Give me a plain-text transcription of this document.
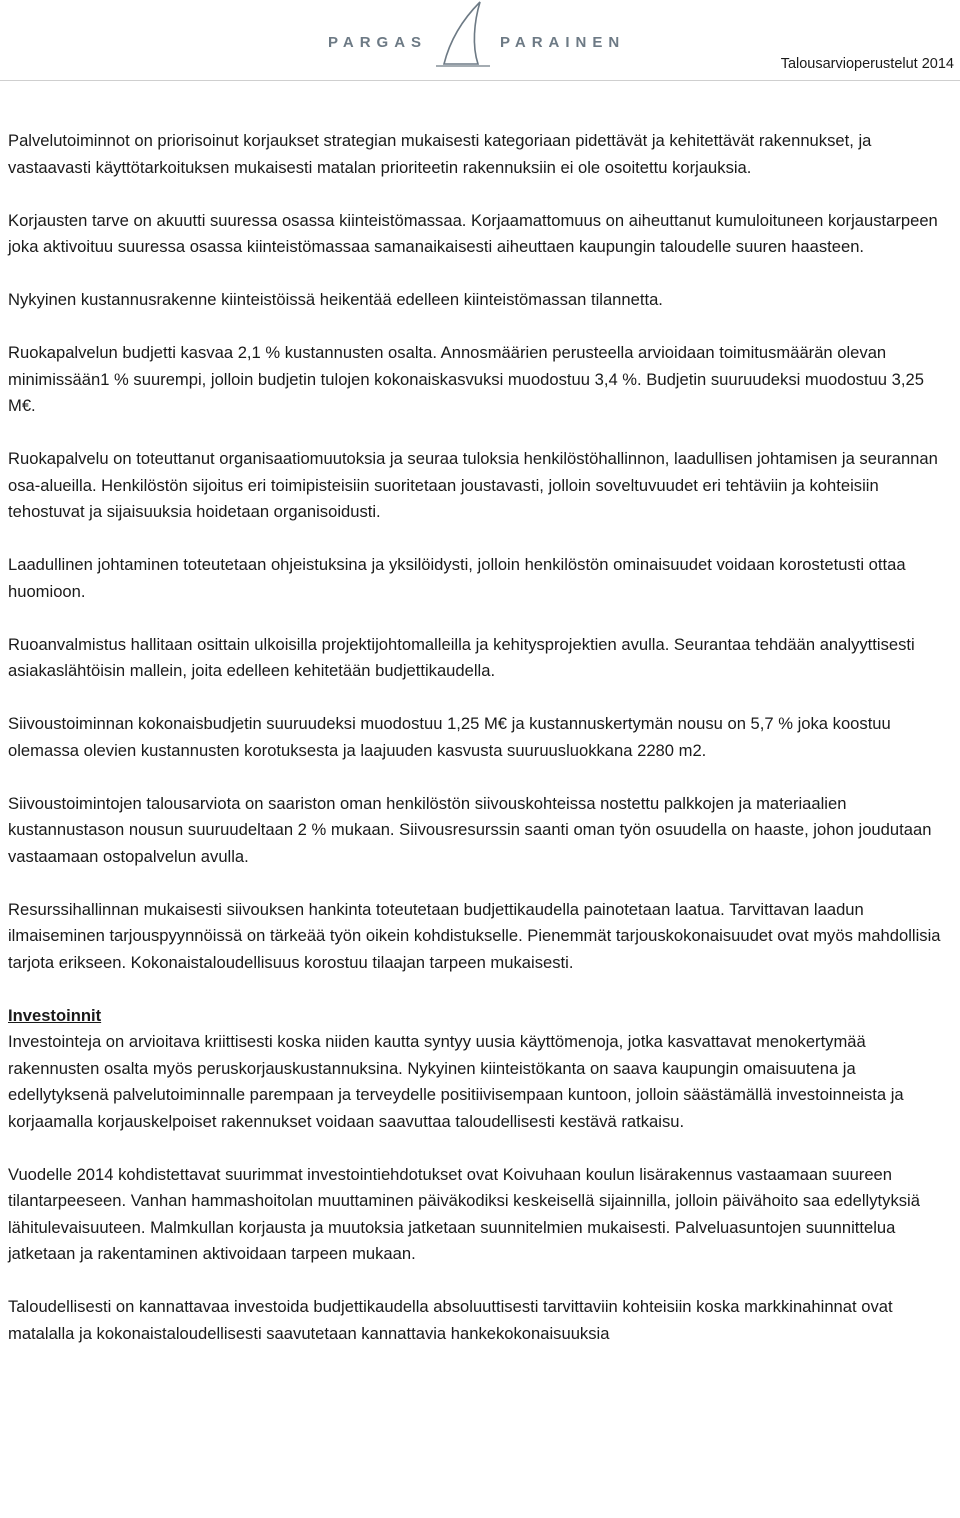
PARGAS	PARAINEN
Talousarvioperustelut 2014

Palvelutoiminnot on priorisoinut korjaukset strategian mukaisesti kategoriaan pidettävät ja kehitettävät rakennukset, ja vastaavasti käyttötarkoituksen mukaisesti matalan prioriteetin rakennuksiin ei ole osoitettu korjauksia.

Korjausten tarve on akuutti suuressa osassa kiinteistömassaa. Korjaamattomuus on aiheuttanut kumuloituneen korjaustarpeen joka aktivoituu suuressa osassa kiinteistömassaa samanaikaisesti aiheuttaen kaupungin taloudelle suuren haasteen.

Nykyinen kustannusrakenne kiinteistöissä heikentää edelleen kiinteistömassan tilannetta.

Ruokapalvelun budjetti kasvaa 2,1 % kustannusten osalta. Annosmäärien perusteella arvioidaan toimitusmäärän olevan minimissään1 % suurempi, jolloin budjetin tulojen kokonaiskasvuksi muodostuu 3,4 %. Budjetin suuruudeksi muodostuu 3,25 M€.

Ruokapalvelu on toteuttanut organisaatiomuutoksia ja seuraa tuloksia henkilöstöhallinnon, laadullisen johtamisen ja seurannan osa-alueilla. Henkilöstön sijoitus eri toimipisteisiin suoritetaan joustavasti, jolloin soveltuvuudet eri tehtäviin ja kohteisiin tehostuvat ja sijaisuuksia hoidetaan organisoidusti.

Laadullinen johtaminen toteutetaan ohjeistuksina ja yksilöidysti, jolloin henkilöstön ominaisuudet voidaan korostetusti ottaa huomioon.

Ruoanvalmistus hallitaan osittain ulkoisilla projektijohtomalleilla ja kehitysprojektien avulla. Seurantaa tehdään analyyttisesti asiakaslähtöisin mallein, joita edelleen kehitetään budjettikaudella.

Siivoustoiminnan kokonaisbudjetin suuruudeksi muodostuu 1,25 M€ ja kustannuskertymän nousu on 5,7 % joka koostuu olemassa olevien kustannusten korotuksesta ja laajuuden kasvusta suuruusluokkana 2280 m2.

Siivoustoimintojen talousarviota on saariston oman henkilöstön siivouskohteissa nostettu palkkojen ja materiaalien kustannustason nousun suuruudeltaan 2 % mukaan. Siivousresurssin saanti oman työn osuudella on haaste, johon joudutaan vastaamaan ostopalvelun avulla.

Resurssihallinnan mukaisesti siivouksen hankinta toteutetaan budjettikaudella painotetaan laatua. Tarvittavan laadun ilmaiseminen tarjouspyynnöissä on tärkeää työn oikein kohdistukselle. Pienemmät tarjouskokonaisuudet ovat myös mahdollisia tarjota erikseen. Kokonaistaloudellisuus korostuu tilaajan tarpeen mukaisesti.

Investoinnit

Investointeja on arvioitava kriittisesti koska niiden kautta syntyy uusia käyttömenoja, jotka kasvattavat menokertymää rakennusten osalta myös peruskorjauskustannuksina. Nykyinen kiinteistökanta on saava kaupungin omaisuutena ja edellytyksenä palvelutoiminnalle parempaan ja terveydelle positiivisempaan kuntoon, jolloin säästämällä investoinneista ja korjaamalla korjauskelpoiset rakennukset voidaan saavuttaa taloudellisesti kestävä ratkaisu.

Vuodelle 2014 kohdistettavat suurimmat investointiehdotukset ovat Koivuhaan koulun lisärakennus vastaamaan suureen tilantarpeeseen. Vanhan hammashoitolan muuttaminen päiväkodiksi keskeisellä sijainnilla, jolloin päivähoito saa edellytyksiä lähitulevaisuuteen. Malmkullan korjausta ja muutoksia jatketaan suunnitelmien mukaisesti. Palveluasuntojen suunnittelua jatketaan ja rakentaminen aktivoidaan tarpeen mukaan.

Taloudellisesti on kannattavaa investoida budjettikaudella absoluuttisesti tarvittaviin kohteisiin koska markkinahinnat ovat matalalla ja kokonaistaloudellisesti saavutetaan kannattavia hankekokonaisuuksia
